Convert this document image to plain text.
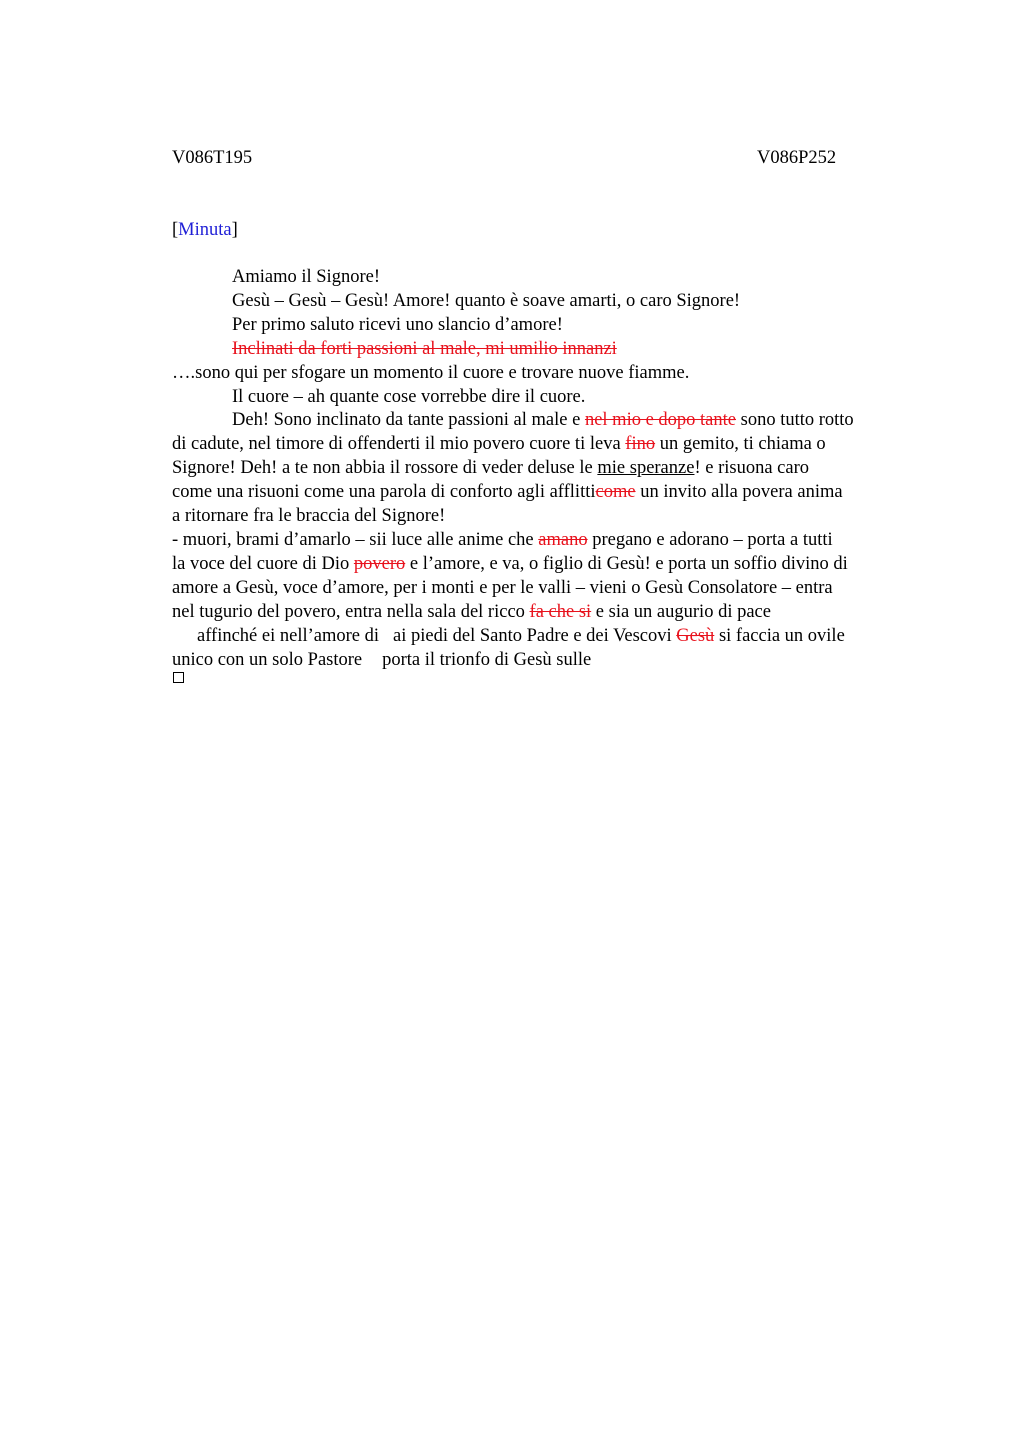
V086T195	V086P252
[Minuta]

Amiamo il Signore!

Gesù – Gesù – Gesù! Amore! quanto è soave amarti, o caro Signore!

Per primo saluto ricevi uno slancio d’amore!

Inclinati da forti passioni al male, mi umilio innanzi

….sono qui per sfogare un momento il cuore e trovare nuove fiamme.

Il cuore – ah quante cose vorrebbe dire il cuore.

Deh! Sono inclinato da tante passioni al male e nel mio e dopo tante sono tutto rotto

di cadute, nel timore di offenderti il mio povero cuore ti leva fino un gemito, ti chiama o

Signore! Deh! a te non abbia il rossore di veder deluse le mie speranze! e risuona caro

come una risuoni come una parola di conforto agli afflitticome un invito alla povera anima

a ritornare fra le braccia del Signore!

- muori, brami d’amarlo – sii luce alle anime che amano pregano e adorano – porta a tutti

la voce del cuore di Dio povero e l’amore, e va, o figlio di Gesù! e porta un soffio divino di

amore a Gesù, voce d’amore, per i monti e per le valli – vieni o Gesù Consolatore – entra

nel tugurio del povero, entra nella sala del ricco fa che si e sia un augurio di pace

affinché ei nell’amore di ai piedi del Santo Padre e dei Vescovi Gesù si faccia un ovile

unico con un solo Pastore porta il trionfo di Gesù sulle
